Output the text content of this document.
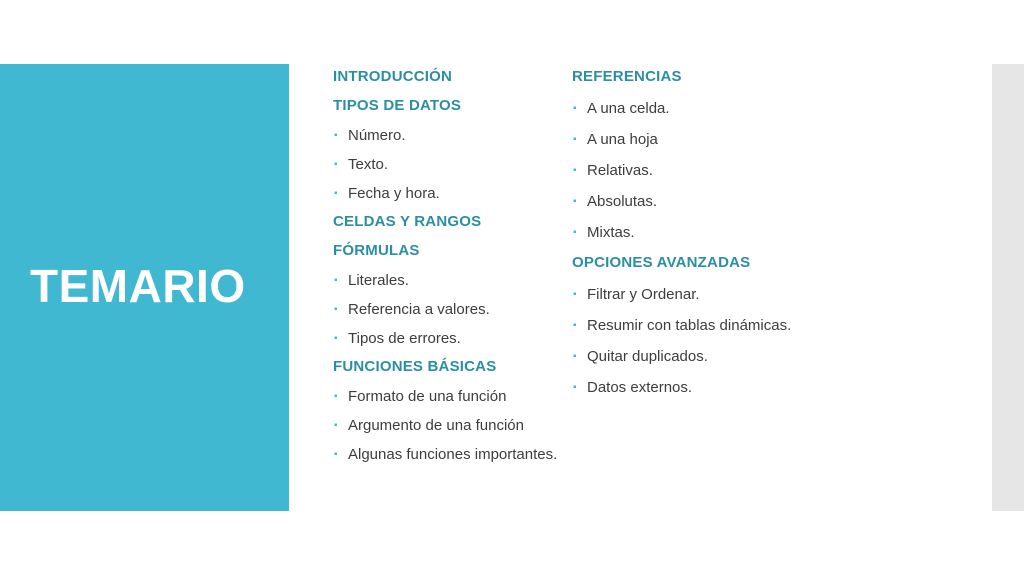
TEMARIO
INTRODUCCIÓN
TIPOS DE DATOS
▪ Número.
▪ Texto.
▪ Fecha y hora.
CELDAS Y RANGOS
FÓRMULAS
▪ Literales.
▪ Referencia a valores.
▪ Tipos de errores.
FUNCIONES BÁSICAS
▪ Formato de una función
▪ Argumento de una función
▪ Algunas funciones importantes.
REFERENCIAS
▪ A una celda.
▪ A una hoja
▪ Relativas.
▪ Absolutas.
▪ Mixtas.
OPCIONES AVANZADAS
▪ Filtrar y Ordenar.
▪ Resumir con tablas dinámicas.
▪ Quitar duplicados.
▪ Datos externos.
